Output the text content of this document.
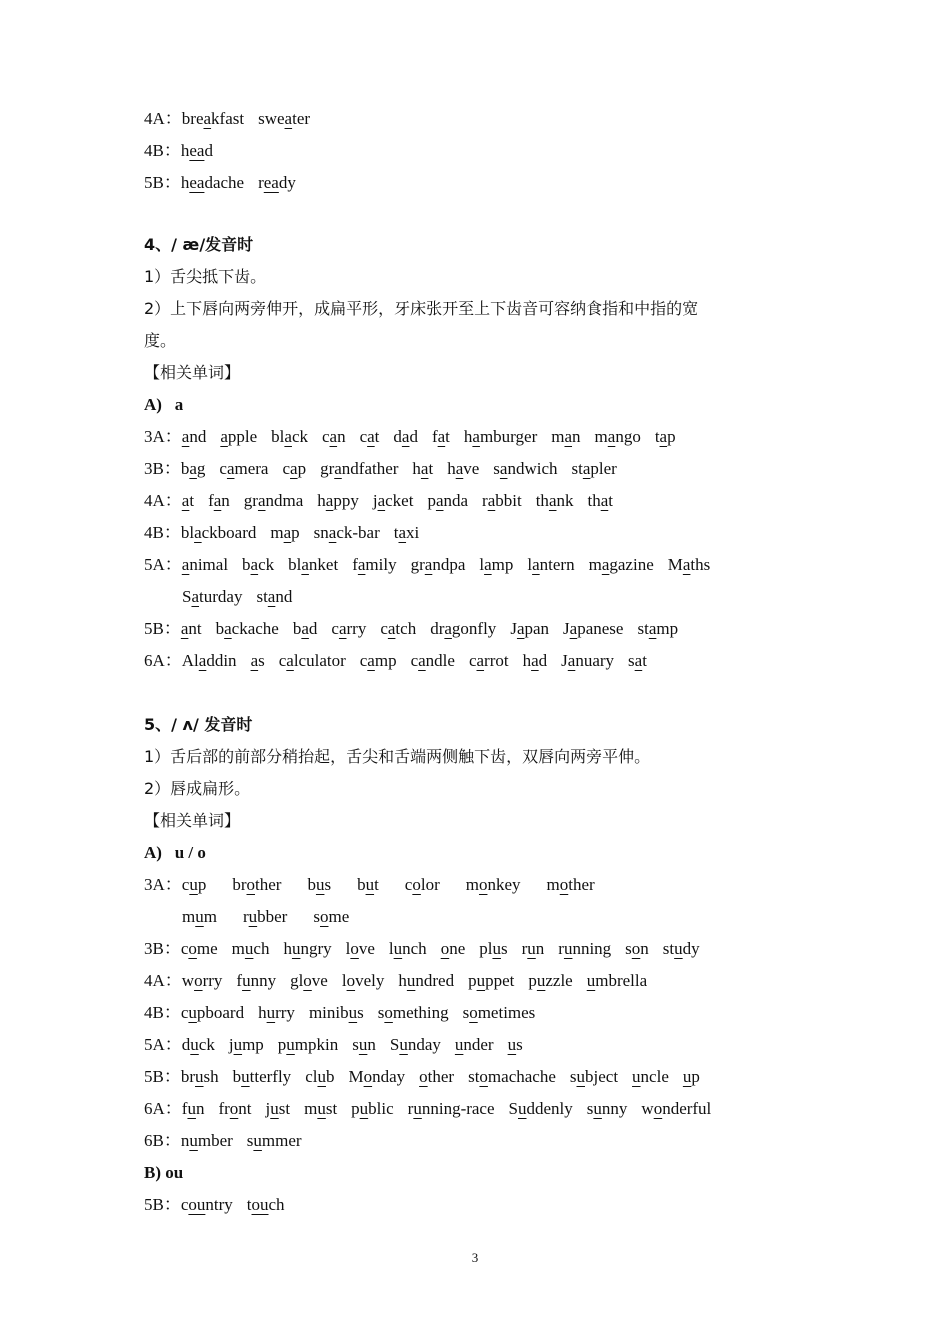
4A：breakfast sweater
4B：head
5B：headache ready
4、/ æ/发音时
1）舌尖抵下齿。
2）上下唇向两旁伸开，成扁平形，牙床张开至上下齿音可容纳食指和中指的宽
度。
【相关单词】
A)   a
3A：and apple black can cat dad fat hamburger man mango tap
3B：bag camera cap grandfather hat have sandwich stapler
4A：at fan grandma happy jacket panda rabbit thank that
4B：blackboard map snack-bar taxi
5A：animal back blanket family grandpa lamp lantern magazine Maths
Saturday stand
5B：ant backache bad carry catch dragonfly Japan Japanese stamp
6A：Aladdin as calculator camp candle carrot had January sat
5、/ ʌ/ 发音时
1）舌后部的前部分稍抬起，舌尖和舌端两侧触下齿，双唇向两旁平伸。
2）唇成扁形。
【相关单词】
A)   u / o
3A：cup brother bus but color monkey mother
mum rubber some
3B：come much hungry love lunch one plus run running son study
4A：worry funny glove lovely hundred puppet puzzle umbrella
4B：cupboard hurry minibus something sometimes
5A：duck jump pumpkin sun Sunday under us
5B：brush butterfly club Monday other stomachache subject uncle up
6A：fun front just must public running-race Suddenly sunny wonderful
6B：number summer
B) ou
5B：country touch
3
